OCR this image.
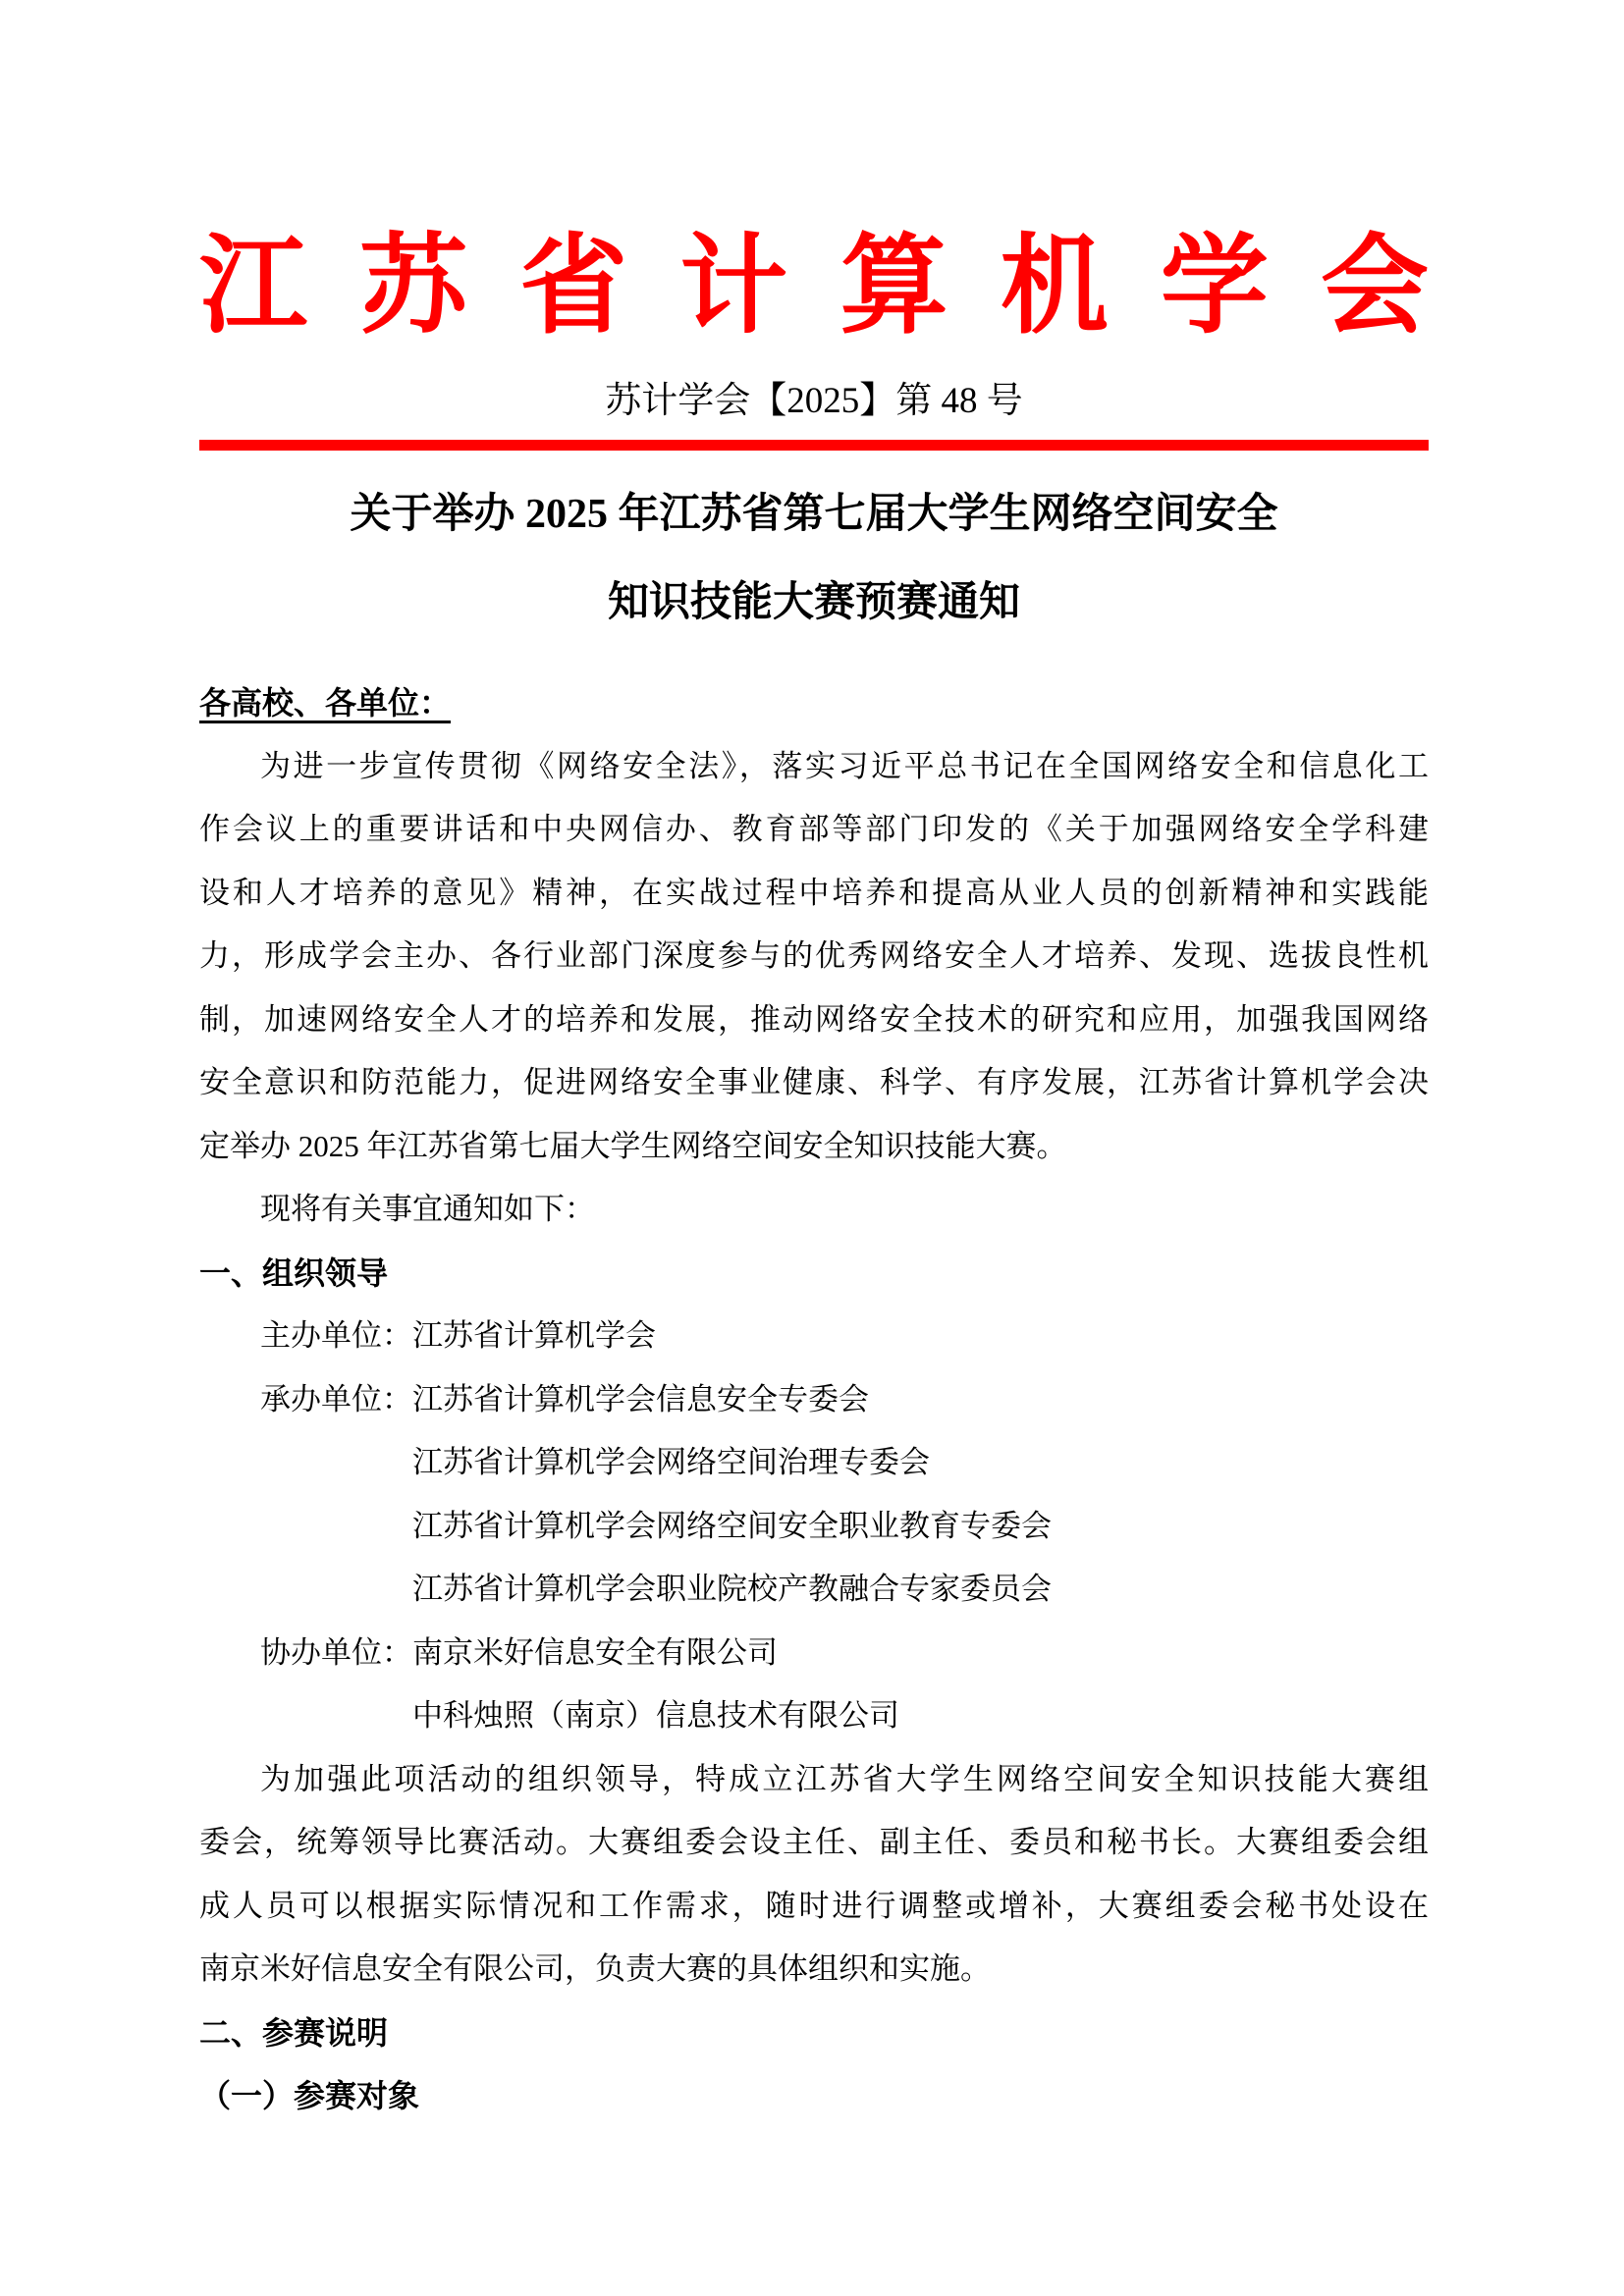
江 苏 省 计 算 机 学 会
苏计学会【2025】第 48 号
关于举办 2025 年江苏省第七届大学生网络空间安全
知识技能大赛预赛通知
各高校、各单位：
为进一步宣传贯彻《网络安全法》，落实习近平总书记在全国网络安全和信息化工
作会议上的重要讲话和中央网信办、教育部等部门印发的《关于加强网络安全学科建
设和人才培养的意见》精神，在实战过程中培养和提高从业人员的创新精神和实践能
力，形成学会主办、各行业部门深度参与的优秀网络安全人才培养、发现、选拔良性机
制，加速网络安全人才的培养和发展，推动网络安全技术的研究和应用，加强我国网络
安全意识和防范能力，促进网络安全事业健康、科学、有序发展，江苏省计算机学会决
定举办 2025 年江苏省第七届大学生网络空间安全知识技能大赛。
现将有关事宜通知如下：
一、组织领导
主办单位：江苏省计算机学会
承办单位：江苏省计算机学会信息安全专委会
江苏省计算机学会网络空间治理专委会
江苏省计算机学会网络空间安全职业教育专委会
江苏省计算机学会职业院校产教融合专家委员会
协办单位：南京米好信息安全有限公司
中科烛照（南京）信息技术有限公司
为加强此项活动的组织领导，特成立江苏省大学生网络空间安全知识技能大赛组
委会，统筹领导比赛活动。大赛组委会设主任、副主任、委员和秘书长。大赛组委会组
成人员可以根据实际情况和工作需求，随时进行调整或增补，大赛组委会秘书处设在
南京米好信息安全有限公司，负责大赛的具体组织和实施。
二、参赛说明
（一）参赛对象
